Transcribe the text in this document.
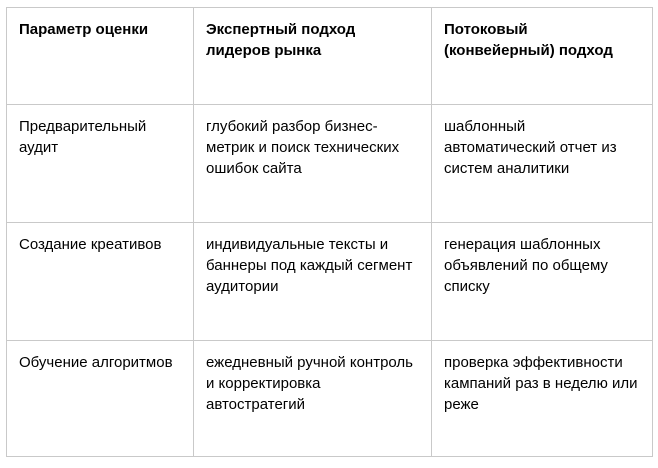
Параметр оценки	Экспертный подход лидеров рынка	Потоковый (конвейерный) подход
Предварительный аудит	глубокий разбор бизнес-метрик и поиск технических ошибок сайта	шаблонный автоматический отчет из систем аналитики
Создание креативов	индивидуальные тексты и баннеры под каждый сегмент аудитории	генерация шаблонных объявлений по общему списку
Обучение алгоритмов	ежедневный ручной контроль и корректировка автостратегий	проверка эффективности кампаний раз в неделю или реже
